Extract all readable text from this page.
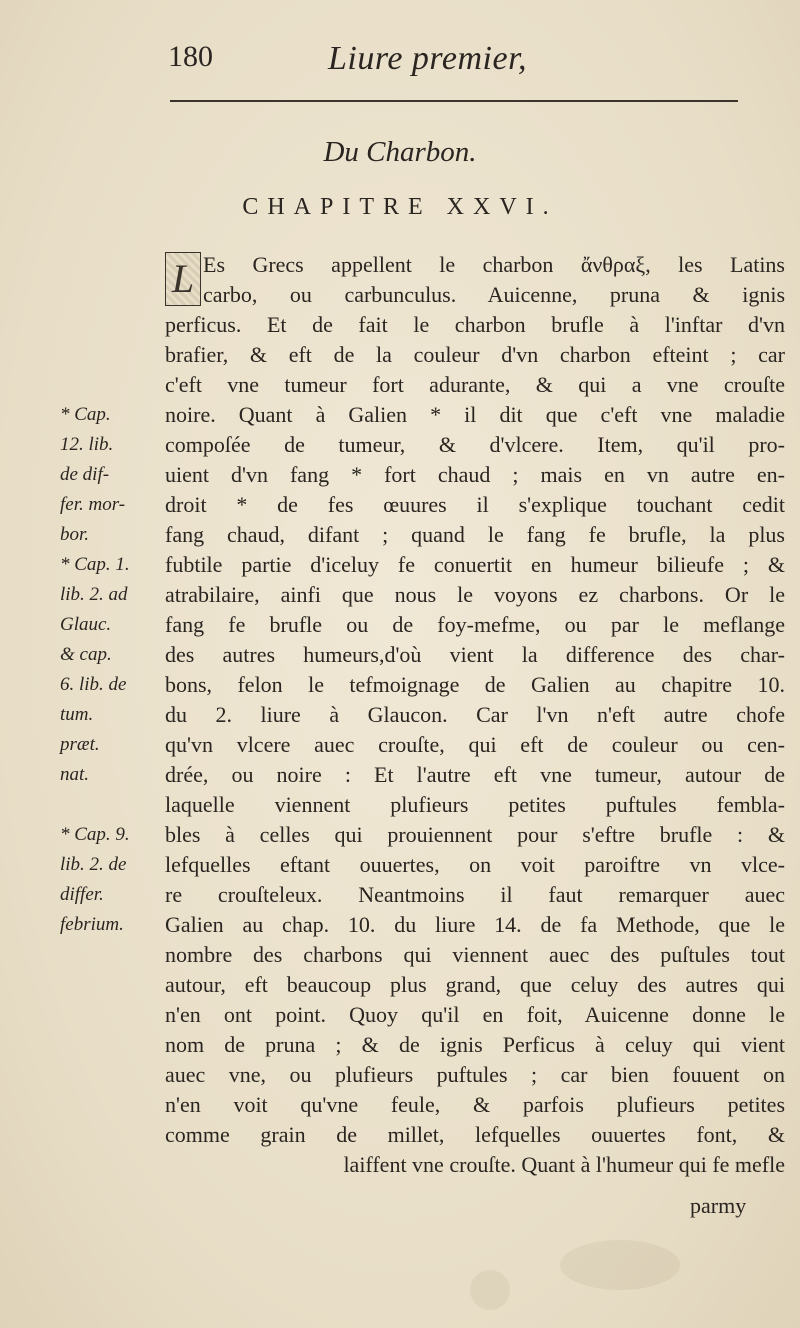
180	Liure premier,
Du Charbon.
CHAPITRE XXVI.
L Es Grecs appellent le charbon ἄνθραξ, les Latins
carbo, ou carbunculus. Auicenne, pruna & ignis
perficus. Et de fait le charbon brufle à l'inftar d'vn
brafier, & eft de la couleur d'vn charbon efteint ; car
c'eft vne tumeur fort adurante, & qui a vne crouſte
noire. Quant à Galien * il dit que c'eft vne maladie
compoſée de tumeur, & d'vlcere. Item, qu'il pro-
uient d'vn fang * fort chaud ; mais en vn autre en-
droit * de fes œuures il s'explique touchant cedit
fang chaud, difant ; quand le fang fe brufle, la plus
fubtile partie d'iceluy fe conuertit en humeur bilieufe ; &
atrabilaire, ainfi que nous le voyons ez charbons. Or le
fang fe brufle ou de foy-mefme, ou par le meflange
des autres humeurs,d'où vient la difference des char-
bons, felon le tefmoignage de Galien au chapitre 10.
du 2. liure à Glaucon. Car l'vn n'eft autre chofe
qu'vn vlcere auec crouſte, qui eft de couleur ou cen-
drée, ou noire : Et l'autre eft vne tumeur, autour de
laquelle viennent plufieurs petites puftules fembla-
bles à celles qui prouiennent pour s'eftre brufle : &
lefquelles eftant ouuertes, on voit paroiftre vn vlce-
re crouſteleux. Neantmoins il faut remarquer auec
Galien au chap. 10. du liure 14. de fa Methode, que le
nombre des charbons qui viennent auec des puſtules tout
autour, eft beaucoup plus grand, que celuy des autres qui
n'en ont point. Quoy qu'il en foit, Auicenne donne le
nom de pruna ; & de ignis Perficus à celuy qui vient
auec vne, ou plufieurs puftules ; car bien fouuent on
n'en voit qu'vne feule, & parfois plufieurs petites
comme grain de millet, lefquelles ouuertes font, &
laiffent vne crouſte. Quant à l'humeur qui fe mefle
* Cap.
12. lib.
de dif-
fer. mor-
bor.
* Cap. 1.
lib. 2. ad
Glauc.
& cap.
6. lib. de
tum.
præt.
nat.
* Cap. 9.
lib. 2. de
differ.
febrium.
parmy
